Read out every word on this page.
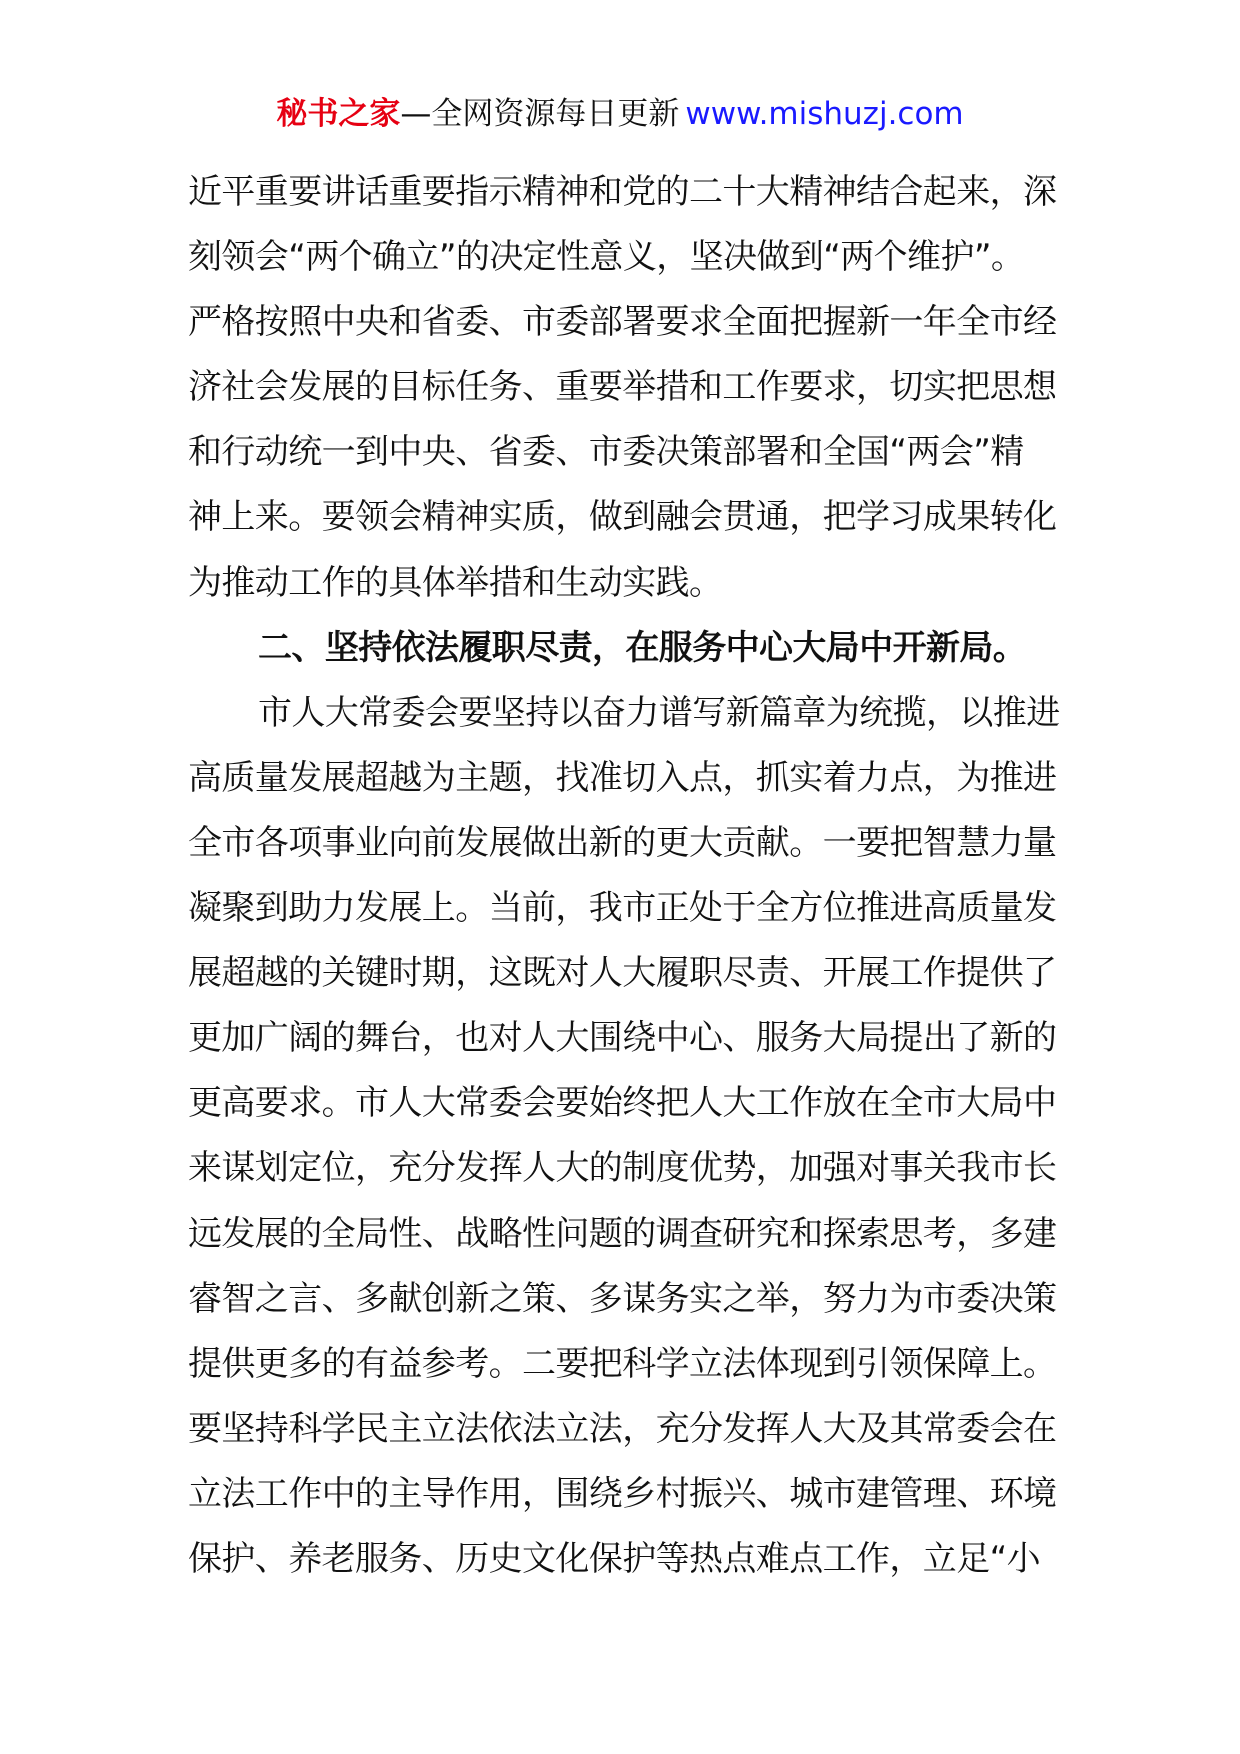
秘书之家—全网资源每日更新 www.mishuzj.com
近平重要讲话重要指示精神和党的二十大精神结合起来，深
刻领会“两个确立”的决定性意义，坚决做到“两个维护”。
严格按照中央和省委、市委部署要求全面把握新一年全市经
济社会发展的目标任务、重要举措和工作要求，切实把思想
和行动统一到中央、省委、市委决策部署和全国“两会”精
神上来。要领会精神实质，做到融会贯通，把学习成果转化
为推动工作的具体举措和生动实践。
二、坚持依法履职尽责，在服务中心大局中开新局。
市人大常委会要坚持以奋力谱写新篇章为统揽，以推进
高质量发展超越为主题，找准切入点，抓实着力点，为推进
全市各项事业向前发展做出新的更大贡献。一要把智慧力量
凝聚到助力发展上。当前，我市正处于全方位推进高质量发
展超越的关键时期，这既对人大履职尽责、开展工作提供了
更加广阔的舞台，也对人大围绕中心、服务大局提出了新的
更高要求。市人大常委会要始终把人大工作放在全市大局中
来谋划定位，充分发挥人大的制度优势，加强对事关我市长
远发展的全局性、战略性问题的调查研究和探索思考，多建
睿智之言、多献创新之策、多谋务实之举，努力为市委决策
提供更多的有益参考。二要把科学立法体现到引领保障上。
要坚持科学民主立法依法立法，充分发挥人大及其常委会在
立法工作中的主导作用，围绕乡村振兴、城市建管理、环境
保护、养老服务、历史文化保护等热点难点工作，立足“小
